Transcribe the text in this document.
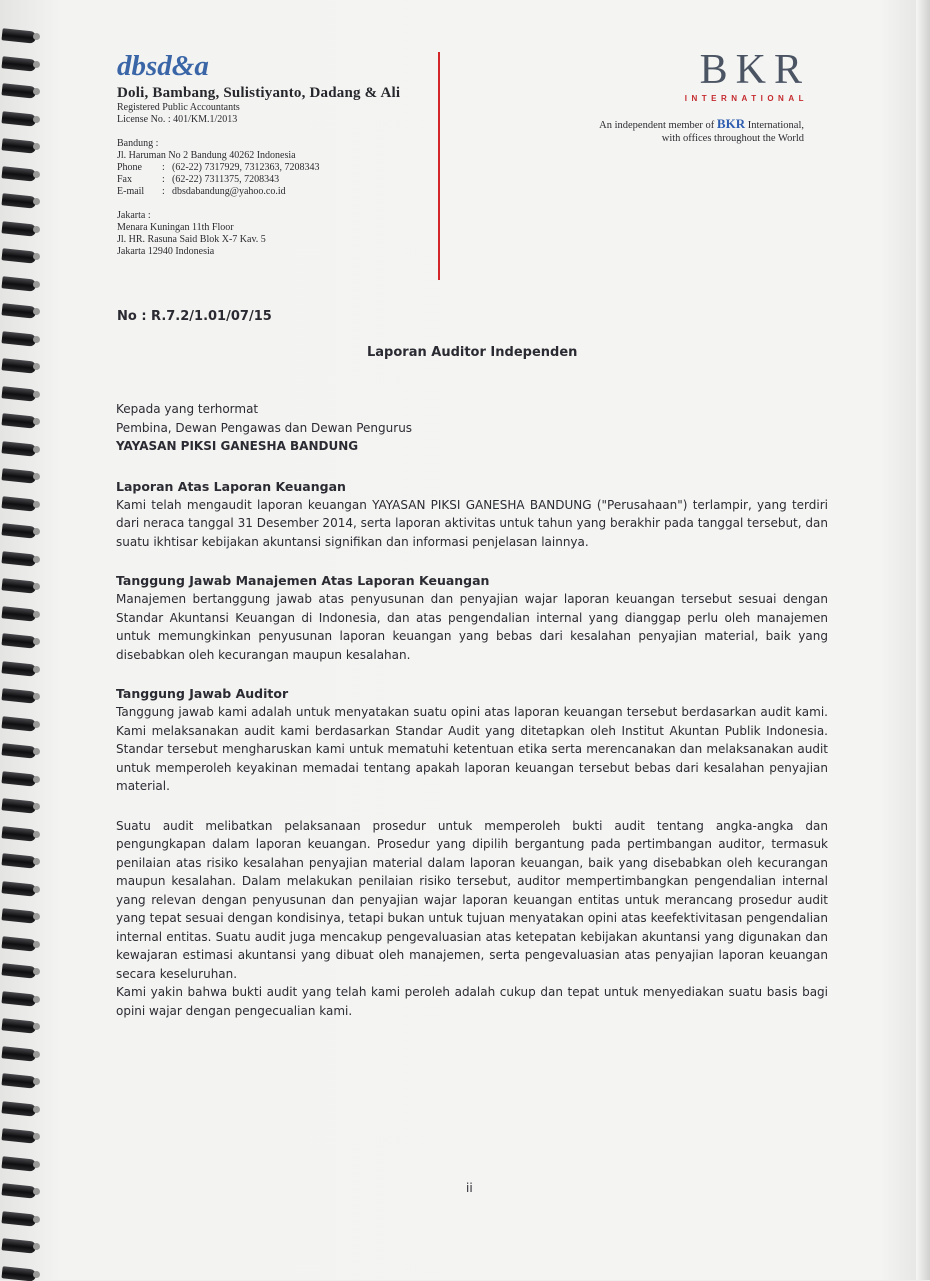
dbsd&a
Doli, Bambang, Sulistiyanto, Dadang & Ali
Registered Public Accountants
License No. : 401/KM.1/2013
Bandung :
Jl. Haruman No 2 Bandung 40262 Indonesia
Phone	: (62-22) 7317929, 7312363, 7208343
Fax	: (62-22) 7311375, 7208343
E-mail	: dbsdabandung@yahoo.co.id
Jakarta :
Menara Kuningan 11th Floor
Jl. HR. Rasuna Said Blok X-7 Kav. 5
Jakarta 12940 Indonesia
BKR
INTERNATIONAL
An independent member of BKR International,
with offices throughout the World
No : R.7.2/1.01/07/15
Laporan Auditor Independen
Kepada yang terhormat
Pembina, Dewan Pengawas dan Dewan Pengurus
YAYASAN PIKSI GANESHA BANDUNG
Laporan Atas Laporan Keuangan

Kami telah mengaudit laporan keuangan YAYASAN PIKSI GANESHA BANDUNG ("Perusahaan") terlampir, yang terdiri dari neraca tanggal 31 Desember 2014, serta laporan aktivitas untuk tahun yang berakhir pada tanggal tersebut, dan suatu ikhtisar kebijakan akuntansi signifikan dan informasi penjelasan lainnya.

Tanggung Jawab Manajemen Atas Laporan Keuangan

Manajemen bertanggung jawab atas penyusunan dan penyajian wajar laporan keuangan tersebut sesuai dengan Standar Akuntansi Keuangan di Indonesia, dan atas pengendalian internal yang dianggap perlu oleh manajemen untuk memungkinkan penyusunan laporan keuangan yang bebas dari kesalahan penyajian material, baik yang disebabkan oleh kecurangan maupun kesalahan.

Tanggung Jawab Auditor

Tanggung jawab kami adalah untuk menyatakan suatu opini atas laporan keuangan tersebut berdasarkan audit kami. Kami melaksanakan audit kami berdasarkan Standar Audit yang ditetapkan oleh Institut Akuntan Publik Indonesia. Standar tersebut mengharuskan kami untuk mematuhi ketentuan etika serta merencanakan dan melaksanakan audit untuk memperoleh keyakinan memadai tentang apakah laporan keuangan tersebut bebas dari kesalahan penyajian material.

Suatu audit melibatkan pelaksanaan prosedur untuk memperoleh bukti audit tentang angka-angka dan pengungkapan dalam laporan keuangan. Prosedur yang dipilih bergantung pada pertimbangan auditor, termasuk penilaian atas risiko kesalahan penyajian material dalam laporan keuangan, baik yang disebabkan oleh kecurangan maupun kesalahan. Dalam melakukan penilaian risiko tersebut, auditor mempertimbangkan pengendalian internal yang relevan dengan penyusunan dan penyajian wajar laporan keuangan entitas untuk merancang prosedur audit yang tepat sesuai dengan kondisinya, tetapi bukan untuk tujuan menyatakan opini atas keefektivitasan pengendalian internal entitas. Suatu audit juga mencakup pengevaluasian atas ketepatan kebijakan akuntansi yang digunakan dan kewajaran estimasi akuntansi yang dibuat oleh manajemen, serta pengevaluasian atas penyajian laporan keuangan secara keseluruhan.

Kami yakin bahwa bukti audit yang telah kami peroleh adalah cukup dan tepat untuk menyediakan suatu basis bagi opini wajar dengan pengecualian kami.

ii
